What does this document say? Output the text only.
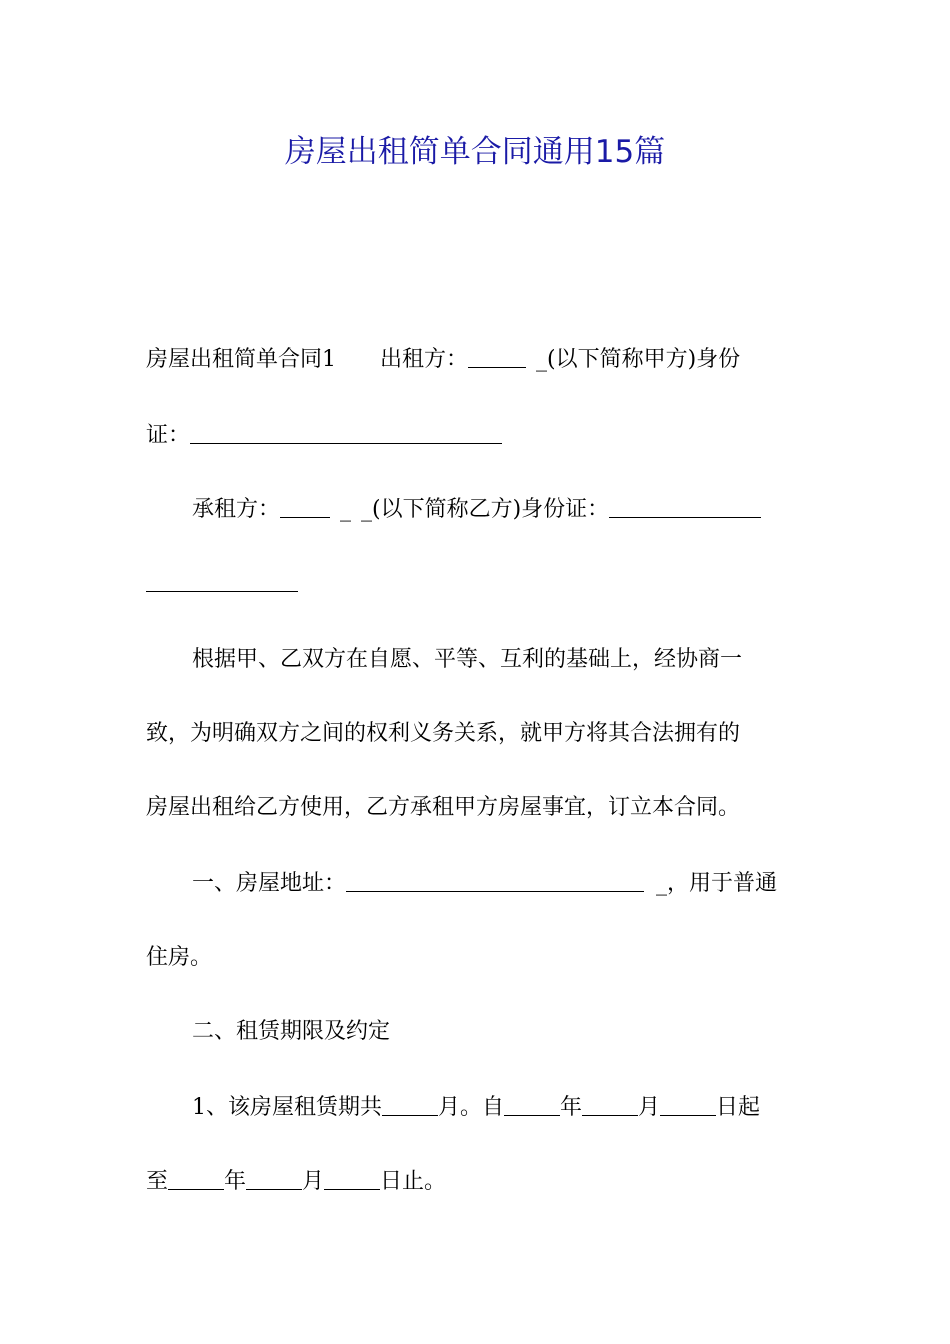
房屋出租简单合同通用15篇
房屋出租简单合同1 出租方：	_(以下简称甲方)身份
证：
承租方：	_ _(以下简称乙方)身份证：
根据甲、乙双方在自愿、平等、互利的基础上，经协商一
致，为明确双方之间的权利义务关系，就甲方将其合法拥有的
房屋出租给乙方使用，乙方承租甲方房屋事宜，订立本合同。
一、房屋地址：	_，用于普通
住房。
二、租赁期限及约定
1、该房屋租赁期共	月。自	年	月	日起
至	年	月	日止。
